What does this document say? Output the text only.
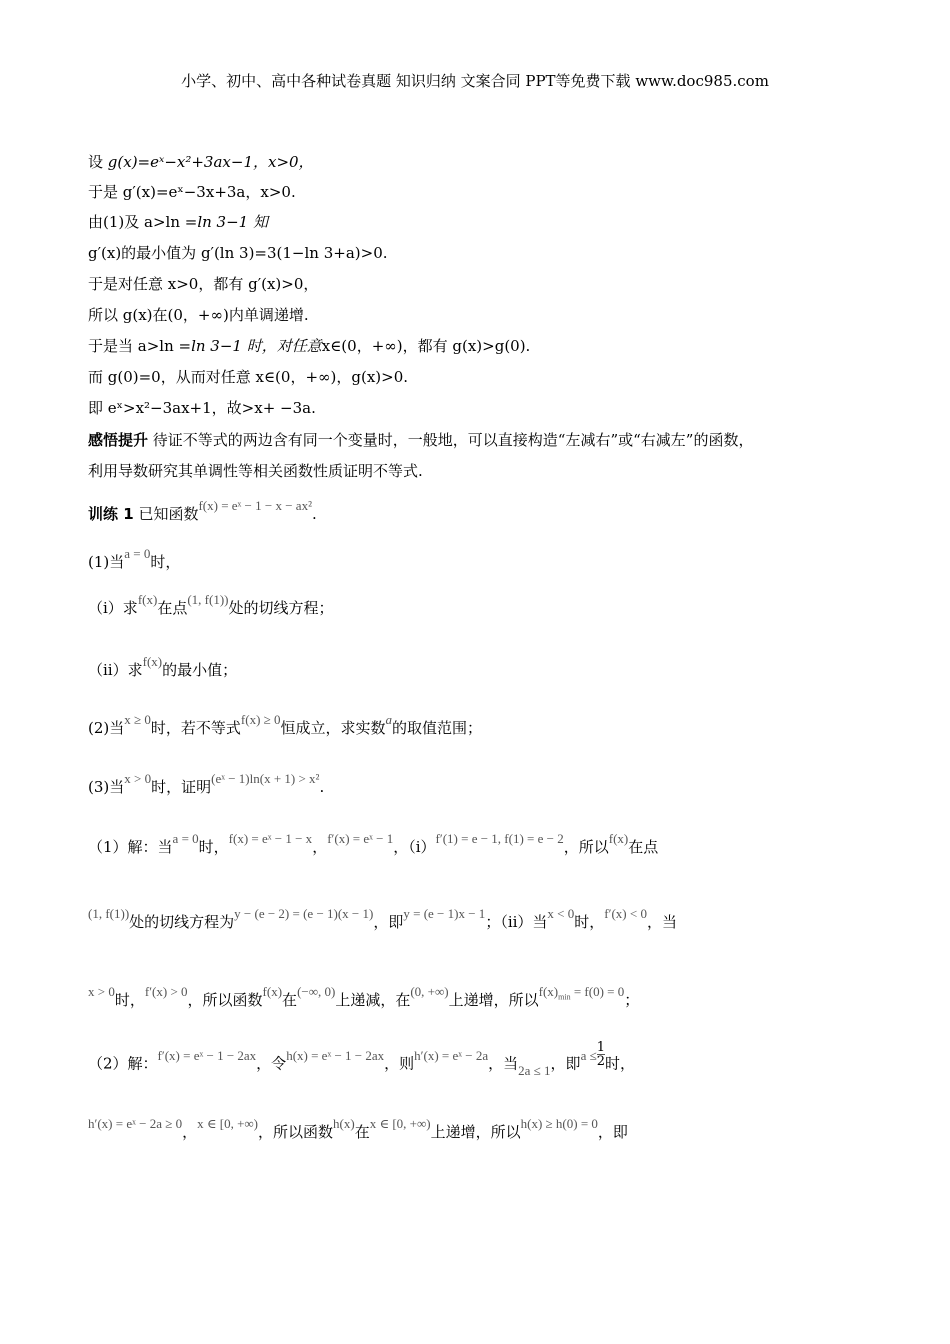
小学、初中、高中各种试卷真题 知识归纳 文案合同 PPT等免费下载 www.doc985.com
设 g(x)=eˣ−x²+3ax−1，x>0，
于是 g′(x)=eˣ−3x+3a，x>0.
由(1)及 a>ln =ln 3−1 知
g′(x)的最小值为 g′(ln 3)=3(1−ln 3+a)>0.
于是对任意 x>0，都有 g′(x)>0，
所以 g(x)在(0，+∞)内单调递增.
于是当 a>ln =ln 3−1 时，对任意x∈(0，+∞)，都有 g(x)>g(0).
而 g(0)=0，从而对任意 x∈(0，+∞)，g(x)>0.
即 eˣ>x²−3ax+1，故>x+ −3a.
感悟提升 待证不等式的两边含有同一个变量时，一般地，可以直接构造“左减右”或“右减左”的函数，
利用导数研究其单调性等相关函数性质证明不等式.
训练 1 已知函数f(x) = eˣ − 1 − x − ax².
(1)当a = 0时，
（ⅰ）求f(x)在点(1, f(1))处的切线方程；
（ⅱ）求f(x)的最小值；
(2)当x ≥ 0时，若不等式f(x) ≥ 0恒成立，求实数a的取值范围；
(3)当x > 0时，证明(eˣ − 1)ln(x + 1) > x².
（1）解：当a = 0时，f(x) = eˣ − 1 − x，f′(x) = eˣ − 1，（ⅰ）f′(1) = e − 1, f(1) = e − 2，所以f(x)在点
(1, f(1))处的切线方程为y − (e − 2) = (e − 1)(x − 1)，即y = (e − 1)x − 1；（ⅱ）当x < 0时，f′(x) < 0，当
x > 0时，f′(x) > 0，所以函数f(x)在(−∞, 0)上递减，在(0, +∞)上递增，所以$f(x)_{min} = f(0) = 0$；
（2）解：f′(x) = eˣ − 1 − 2ax，令h(x) = eˣ − 1 − 2ax，则h′(x) = eˣ − 2a，当2a ≤ 1，即$a \le \frac{1}{2}$ 时，
h′(x) = eˣ − 2a ≥ 0，x ∈ [0, +∞)，所以函数h(x)在x ∈ [0, +∞)上递增，所以h(x) ≥ h(0) = 0，即
